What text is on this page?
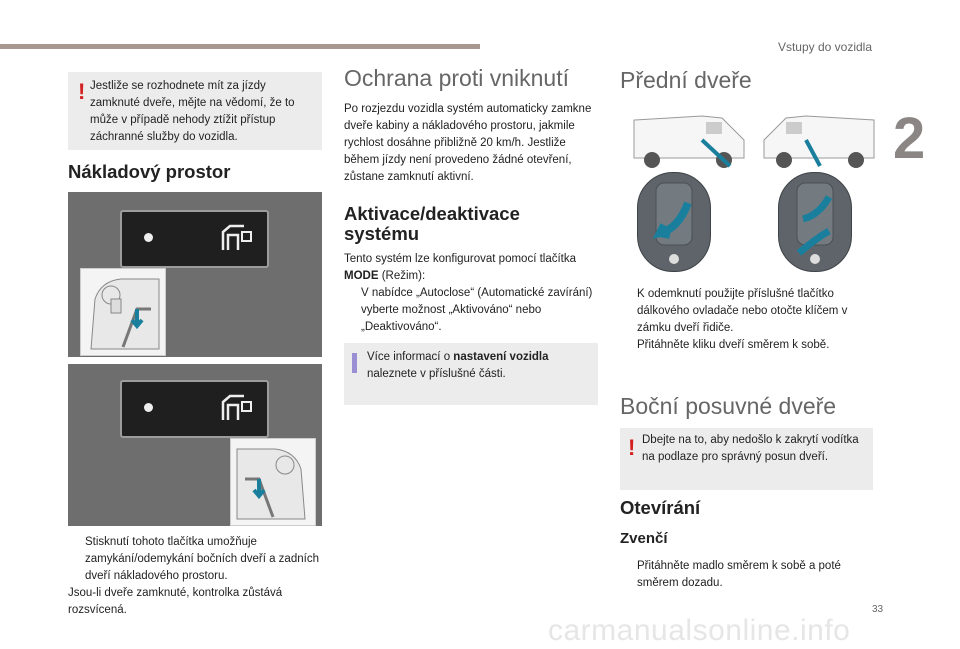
Vstupy do vozidla
2
33
carmanualsonline.info
! Jestliže se rozhodnete mít za jízdy zamknuté dveře, mějte na vědomí, že to může v případě nehody ztížit přístup záchranné služby do vozidla.
Nákladový prostor
Stisknutí tohoto tlačítka umožňuje zamykání/odemykání bočních dveří a zadních dveří nákladového prostoru.
Jsou-li dveře zamknuté, kontrolka zůstává rozsvícená.
Ochrana proti vniknutí
Po rozjezdu vozidla systém automaticky zamkne dveře kabiny a nákladového prostoru, jakmile rychlost dosáhne přibližně 20 km/h. Jestliže během jízdy není provedeno žádné otevření, zůstane zamknutí aktivní.
Aktivace/deaktivace systému
Tento systém lze konfigurovat pomocí tlačítka MODE (Režim):
V nabídce „Autoclose“ (Automatické zavírání) vyberte možnost „Aktivováno“ nebo „Deaktivováno“.
Více informací o nastavení vozidla naleznete v příslušné části.
Přední dveře
K odemknutí použijte příslušné tlačítko dálkového ovladače nebo otočte klíčem v zámku dveří řidiče.
Přitáhněte kliku dveří směrem k sobě.
Boční posuvné dveře
! Dbejte na to, aby nedošlo k zakrytí vodítka na podlaze pro správný posun dveří.
Otevírání
Zvenčí
Přitáhněte madlo směrem k sobě a poté směrem dozadu.
